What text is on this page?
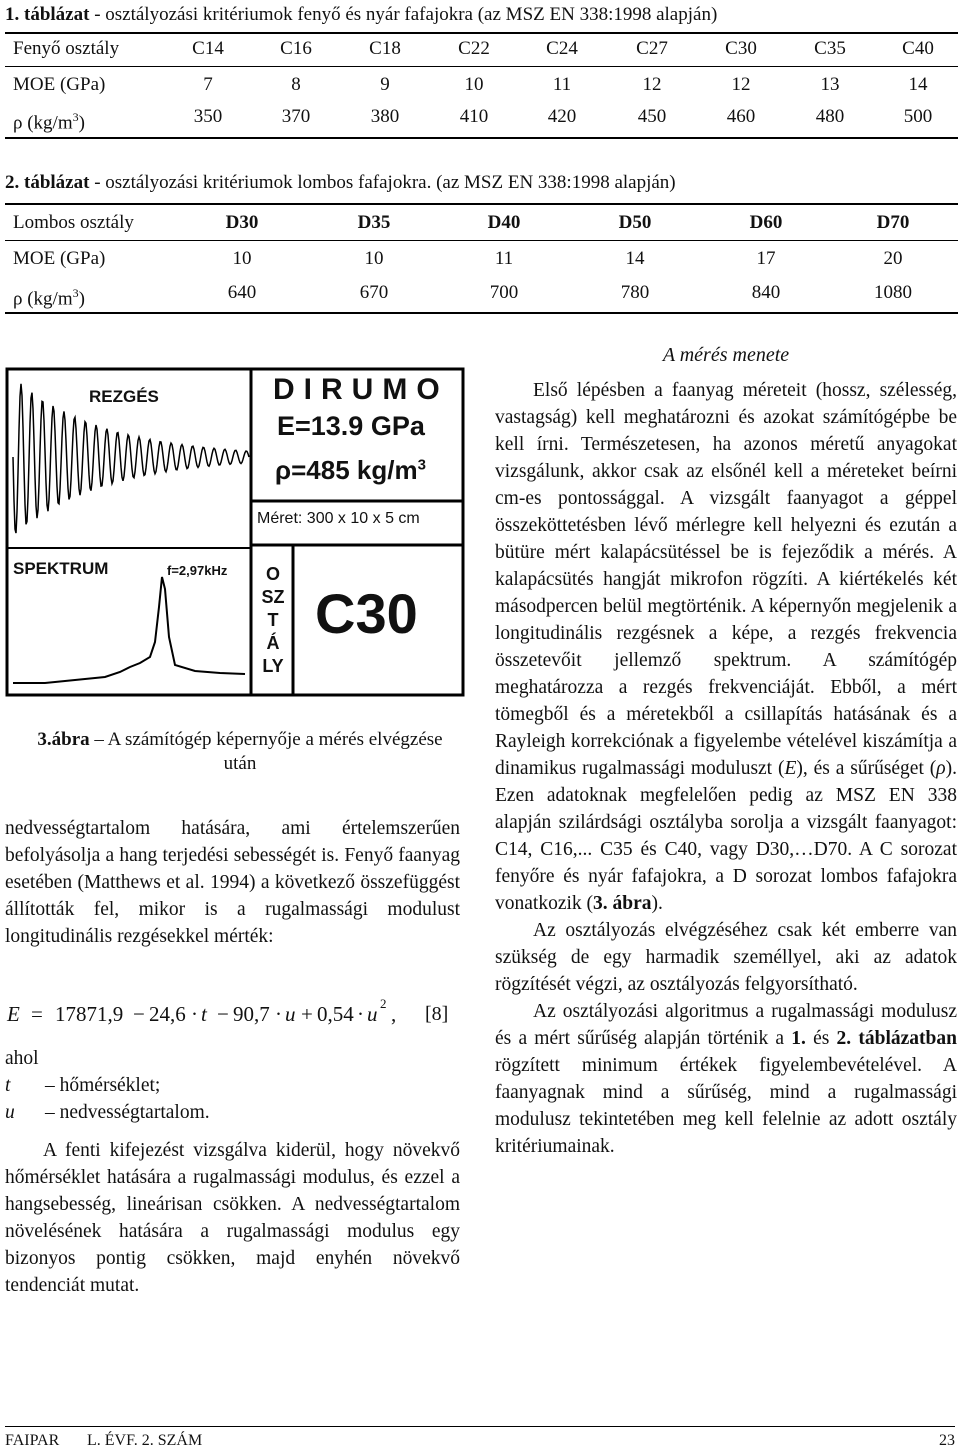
1. táblázat - osztályozási kritériumok fenyő és nyár fafajokra (az MSZ EN 338:1998 alapján)
Fenyő osztály	C14	C16	C18	C22	C24	C27	C30	C35	C40
MOE (GPa)	7	8	9	10	11	12	12	13	14
ρ $(kg/m^3)$	350	370	380	410	420	450	460	480	500
2. táblázat - osztályozási kritériumok lombos fafajokra. (az MSZ EN 338:1998 alapján)
Lombos osztály	D30	D35	D40	D50	D60	D70
MOE (GPa)	10	10	11	14	17	20
ρ $(kg/m^3)$	640	670	700	780	840	1080
REZGÉS	DIRUMO
E=13.9 GPa
ρ=485 $kg/m^3$
Méret: 300 x 10 x 5 cm
SPEKTRUM	f=2,97kHz	O
SZ
T
Á
LY
C30
3.ábra – A számítógép képernyője a mérés elvégzése után

nedvességtartalom hatására, ami értelemszerűen befolyásolja a hang terjedési sebességét is. Fenyő faanyag esetében (Matthews et al. 1994) a következő összefüggést állították fel, mikor is a rugalmassági modulust longitudinális rezgésekkel mérték:

E = 17871,9 − 24,6 · t − 90,7 · u + 0,54 · u 2 , [8]
ahol
t – hőmérséklet;
u – nedvességtartalom.

A fenti kifejezést vizsgálva kiderül, hogy növekvő hőmérséklet hatására a rugalmassági modulus, és ezzel a hangsebesség, lineárisan csökken. A nedvességtartalom növelésének hatására a rugalmassági modulus egy bizonyos pontig csökken, majd enyhén növekvő tendenciát mutat.

A mérés menete

Első lépésben a faanyag méreteit (hossz, szélesség, vastagság) kell meghatározni és azokat számítógépbe be kell írni. Természetesen, ha azonos méretű anyagokat vizsgálunk, akkor csak az elsőnél kell a méreteket beírni cm-es pontossággal. A vizsgált faanyagot a géppel összeköttetésben lévő mérlegre kell helyezni és ezután a bütüre mért kalapácsütéssel be is fejeződik a mérés. A kalapácsütés hangját mikrofon rögzíti. A kiértékelés két másodpercen belül megtörténik. A képernyőn megjelenik a longitudinális rezgésnek a képe, a rezgés frekvencia összetevőit jellemző spektrum. A számítógép meghatározza a rezgés frekvenciáját. Ebből, a mért tömegből és a méretekből a csillapítás hatásának és a Rayleigh korrekciónak a figyelembe vételével kiszámítja a dinamikus rugalmassági moduluszt (E), és a sűrűséget (ρ). Ezen adatoknak megfelelően pedig az MSZ EN 338 alapján szilárdsági osztályba sorolja a vizsgált faanyagot: C14, C16,... C35 és C40, vagy D30,…D70. A C sorozat fenyőre és nyár fafajokra, a D sorozat lombos fafajokra vonatkozik (3. ábra).

Az osztályozás elvégzéséhez csak két emberre van szükség de egy harmadik személlyel, aki az adatok rögzítését végzi, az osztályozás felgyorsítható.

Az osztályozási algoritmus a rugalmassági modulusz és a mért sűrűség alapján történik a 1. és 2. táblázatban rögzített minimum értékek figyelembevételével. A faanyagnak mind a sűrűség, mind a rugalmassági modulusz tekintetében meg kell felelnie az adott osztály kritériumainak.

FAIPAR L. ÉVF. 2. SZÁM	23
